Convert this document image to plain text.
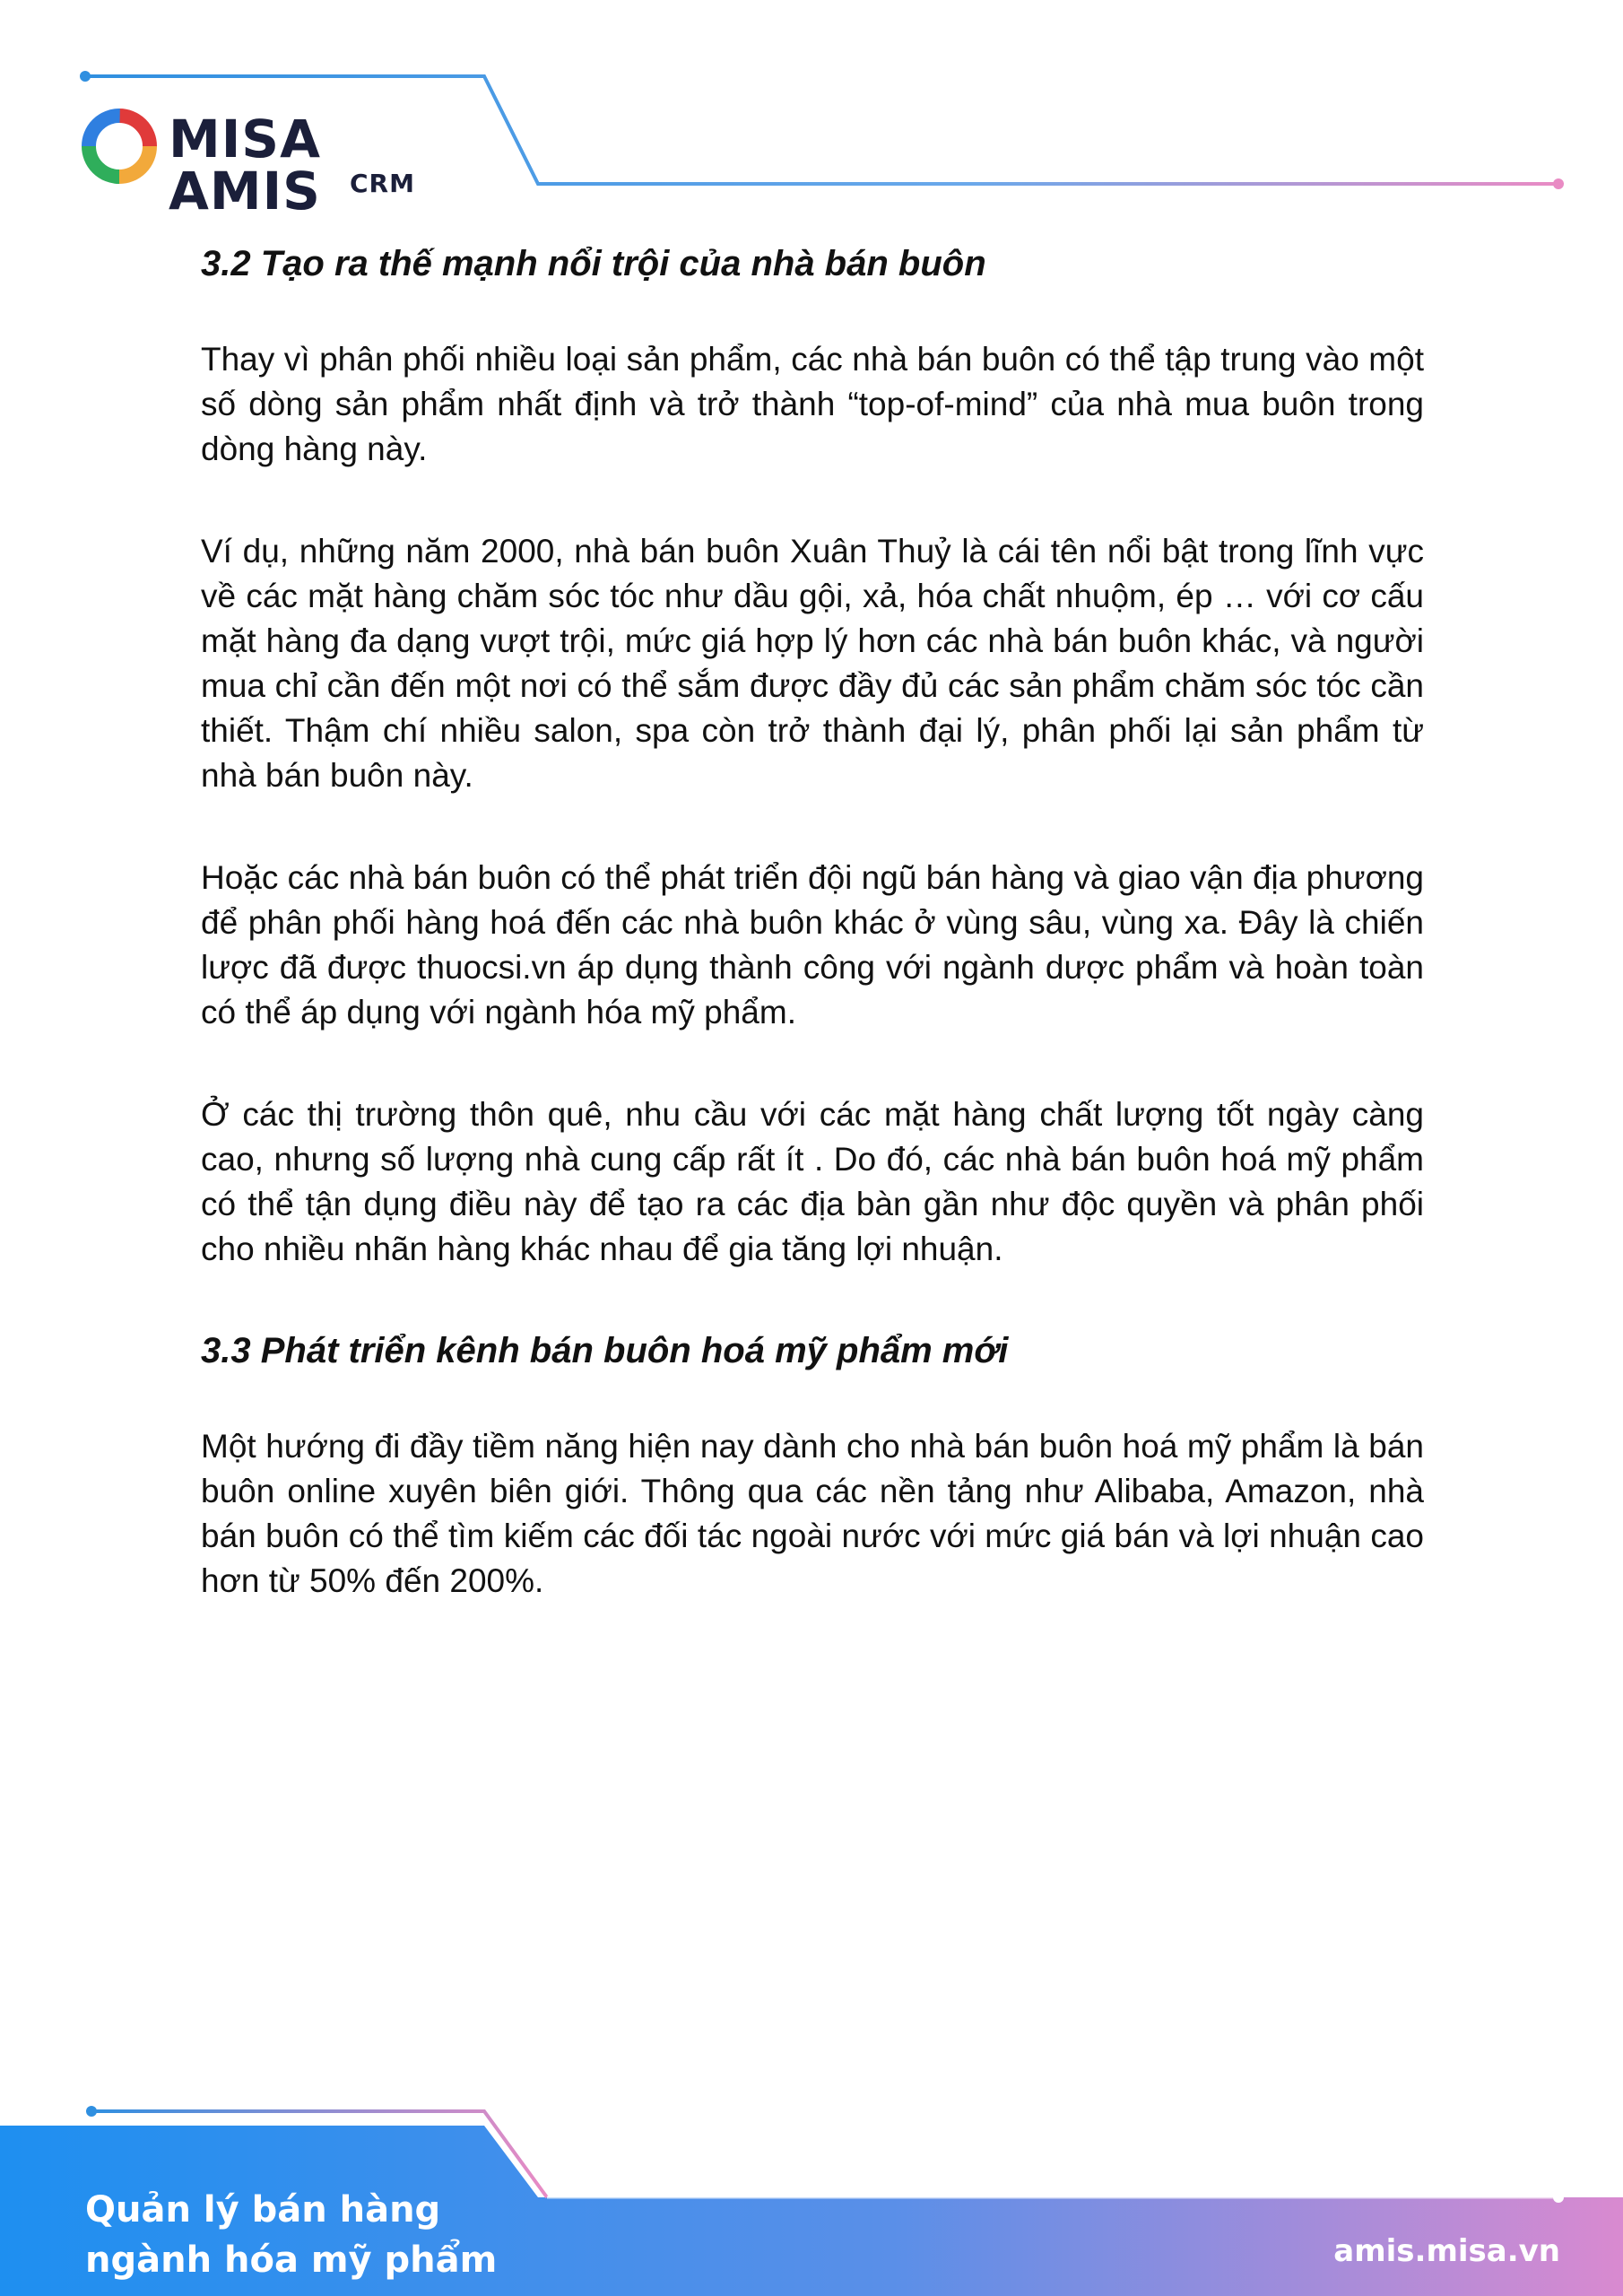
MISA AMIS	CRM
3.2 Tạo ra thế mạnh nổi trội của nhà bán buôn

Thay vì phân phối nhiều loại sản phẩm, các nhà bán buôn có thể tập trung vào một số dòng sản phẩm nhất định và trở thành “top-of-mind” của nhà mua buôn trong dòng hàng này.

Ví dụ, những năm 2000, nhà bán buôn Xuân Thuỷ là cái tên nổi bật trong lĩnh vực về các mặt hàng chăm sóc tóc như dầu gội, xả, hóa chất nhuộm, ép … với cơ cấu mặt hàng đa dạng vượt trội, mức giá hợp lý hơn các nhà bán buôn khác, và người mua chỉ cần đến một nơi có thể sắm được đầy đủ các sản phẩm chăm sóc tóc cần thiết. Thậm chí nhiều salon, spa còn trở thành đại lý, phân phối lại sản phẩm từ nhà bán buôn này.

Hoặc các nhà bán buôn có thể phát triển đội ngũ bán hàng và giao vận địa phương để phân phối hàng hoá đến các nhà buôn khác ở vùng sâu, vùng xa. Đây là chiến lược đã được thuocsi.vn áp dụng thành công với ngành dược phẩm và hoàn toàn có thể áp dụng với ngành hóa mỹ phẩm.

Ở các thị trường thôn quê, nhu cầu với các mặt hàng chất lượng tốt ngày càng cao, nhưng số lượng nhà cung cấp rất ít . Do đó, các nhà bán buôn hoá mỹ phẩm có thể tận dụng điều này để tạo ra các địa bàn gần như độc quyền và phân phối cho nhiều nhãn hàng khác nhau để gia tăng lợi nhuận.

3.3 Phát triển kênh bán buôn hoá mỹ phẩm mới

Một hướng đi đầy tiềm năng hiện nay dành cho nhà bán buôn hoá mỹ phẩm là bán buôn online xuyên biên giới. Thông qua các nền tảng như Alibaba, Amazon, nhà bán buôn có thể tìm kiếm các đối tác ngoài nước với mức giá bán và lợi nhuận cao hơn từ 50% đến 200%.

Quản lý bán hàng
ngành hóa mỹ phẩm	amis.misa.vn
